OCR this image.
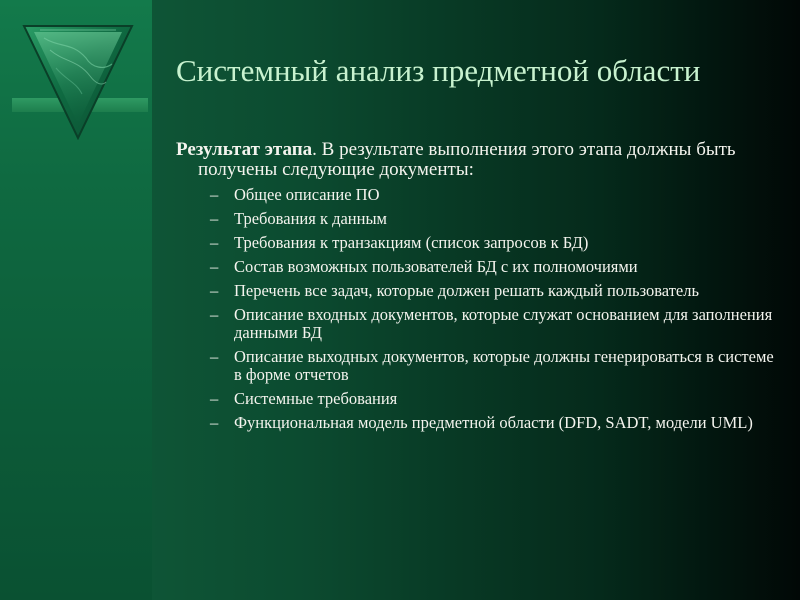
Системный анализ предметной области

Результат этапа. В результате выполнения этого этапа должны быть получены следующие документы:

– Общее описание ПО
– Требования к данным
– Требования к транзакциям (список запросов к БД)
– Состав возможных пользователей БД с их полномочиями
– Перечень все задач, которые должен решать каждый пользователь
– Описание входных документов, которые служат основанием для заполнения данными БД
– Описание выходных документов, которые должны генерироваться в системе в форме отчетов
– Системные требования
– Функциональная модель предметной области (DFD, SADT, модели UML)
